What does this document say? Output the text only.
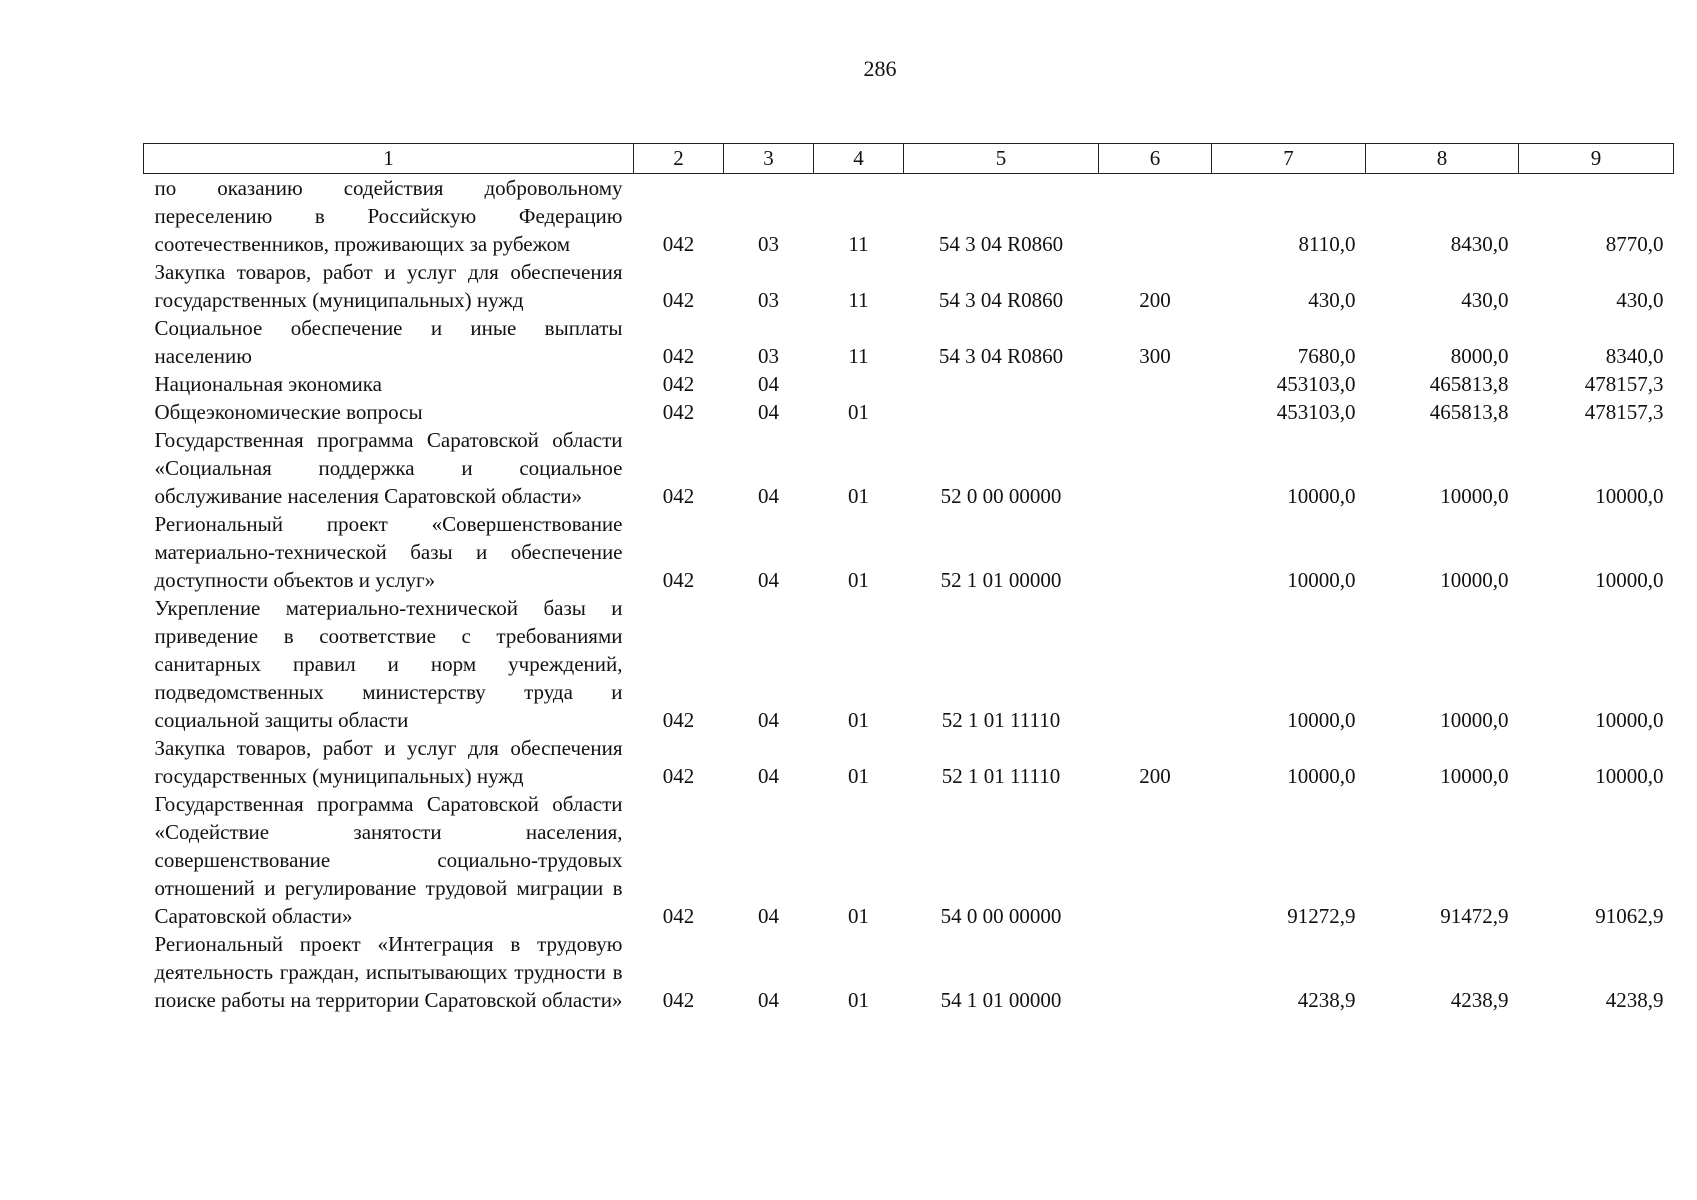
286
1	2	3	4	5	6	7	8	9
по оказанию содействия добровольному переселению в Российскую Федерацию соотечественников, проживающих за рубежом	042	03	11	54 3 04 R0860		8110,0	8430,0	8770,0
Закупка товаров, работ и услуг для обеспечения государственных (муниципальных) нужд	042	03	11	54 3 04 R0860	200	430,0	430,0	430,0
Социальное обеспечение и иные выплаты населению	042	03	11	54 3 04 R0860	300	7680,0	8000,0	8340,0
Национальная экономика	042	04				453103,0	465813,8	478157,3
Общеэкономические вопросы	042	04	01			453103,0	465813,8	478157,3
Государственная программа Саратовской области «Социальная поддержка и социальное обслуживание населения Саратовской области»	042	04	01	52 0 00 00000		10000,0	10000,0	10000,0
Региональный проект «Совершенствование материально-технической базы и обеспечение доступности объектов и услуг»	042	04	01	52 1 01 00000		10000,0	10000,0	10000,0
Укрепление материально-технической базы и приведение в соответствие с требованиями санитарных правил и норм учреждений, подведомственных министерству труда и социальной защиты области	042	04	01	52 1 01 11110		10000,0	10000,0	10000,0
Закупка товаров, работ и услуг для обеспечения государственных (муниципальных) нужд	042	04	01	52 1 01 11110	200	10000,0	10000,0	10000,0
Государственная программа Саратовской области «Содействие занятости населения, совершенствование социально-трудовых отношений и регулирование трудовой миграции в Саратовской области»	042	04	01	54 0 00 00000		91272,9	91472,9	91062,9
Региональный проект «Интеграция в трудовую деятельность граждан, испытывающих трудности в поиске работы на территории Саратовской области»	042	04	01	54 1 01 00000		4238,9	4238,9	4238,9
